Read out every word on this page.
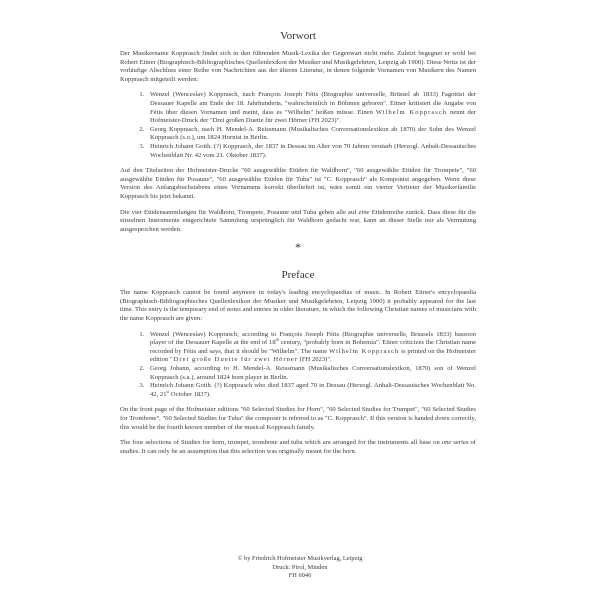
Vorwort

Der Musikername Kopprasch findet sich in den führenden Musik-Lexika der Gegenwart nicht mehr. Zuletzt begegnet er wohl bei Robert Eitner (Biographisch-Bibliographisches Quellenlexikon der Musiker und Musikgelehrten, Leipzig ab 1900). Diese Notiz ist der vorläufige Abschluss einer Reihe von Nachrichten aus der älteren Literatur, in denen folgende Vornamen von Musikern des Namen Kopprasch mitgeteilt werden:

1. Wenzel (Wenceslav) Kopprasch, nach François Joseph Fétis (Biographie universelle, Brüssel ab 1833) Fagottist der Dessauer Kapelle am Ende der 18. Jahrhunderts, "wahrscheinlich in Böhmen geboren". Eitner kritisiert die Angabe von Fétis über diesen Vornamen und meint, dass es "Wilhelm" heißen müsse. Einen Wilhelm Kopprasch nennt der Hofmeister-Druck der "Drei großen Duette für zwei Hörner (FH 2023)".
2. Georg Kopprasch, nach H. Mendel-A. Reissmann (Musikalisches Conversationslexikon ab 1870) der Sohn des Wenzel Kopprasch (s.o.), um 1824 Hornist in Berlin.
3. Heinrich Johann Gotth. (?) Kopprasch, der 1837 in Dessau im Alter von 70 Jahren verstarb (Herzogl. Anhalt-Dessauisches Wochenblatt Nr. 42 vom 21. Oktober 1837).

Auf den Titelseiten der Hofmeister-Drucke "60 ausgewählte Etüden für Waldhorn", "60 ausgewählte Etüden für Trompete", "60 ausgewählte Etüden für Posaune", "60 ausgewählte Etüden für Tuba" ist "C. Kopprasch" als Komponist angegeben. Wenn diese Version des Anfangsbuchstabens eines Vornamens korrekt überliefert ist, wäre somit ein vierter Vertreter der Musikerfamilie Kopprasch bis jetzt bekannt.

Die vier Etüdensammlungen für Waldhorn, Trompete, Posaune und Tuba gehen alle auf eine Etüdenreihe zurück. Dass diese für die einzelnen Instrumente eingerichtete Sammlung ursprünglich für Waldhorn gedacht war, kann an dieser Stelle nur als Vermutung ausgesprochen werden.

*
Preface

The name Kopprasch cannot be found anymore in today's leading encyclopaedias of music. In Robert Eitner's encyclopaedia (Biographisch-Bibliographisches Quellenlexikon der Musiker und Musikgelehrten, Leipzig 1900) it probably appeared for the last time. This entry is the temporary end of notes and entries in older literature, in which the following Christian names of musicians with the name Kopprasch are given:

1. Wenzel (Wenceslav) Kopprasch, according to François Joseph Fétis (Biographie universelle, Brussels 1833) bassoon player of the Dessauer Kapelle at the end of 18th century, "probably born in Bohemia". Eitner criticizes the Christian name recorded by Fétis and says, that it should be "Wilhelm". The name Wilhelm Kopprasch is printed on the Hofmeister edition "Drei große Duette für zwei Hörner (FH 2023)".
2. Georg Johann, according to H. Mendel-A. Reissmann (Musikalisches Conversationslexikon, 1870) son of Wenzel Kopprasch (s.a.), around 1824 horn player in Berlin.
3. Heinrich Johann Gotth. (?) Kopprasch who died 1837 aged 70 in Dessau (Herzogl. Anhalt-Dessauisches Wochenblatt No. 42, 21st October 1837).

On the front page of the Hofmeister editions "60 Selected Studies for Horn", "60 Selected Studies for Trumpet", "60 Selected Studies for Trombone", "60 Selected Studies for Tuba" the composer is referred to as "C. Kopprasch". If this version is handed down correctly, this would be the fourth known member of the musical Kopprasch family.

The four selections of Studies for horn, trumpet, trombone and tuba which are arranged for the instruments all base on one series of studies. It can only be an assumption that this selection was originally meant for the horn.

© by Friedrich Hofmeister Musikverlag, Leipzig
Druck: Pirol, Minden
FH 6046
